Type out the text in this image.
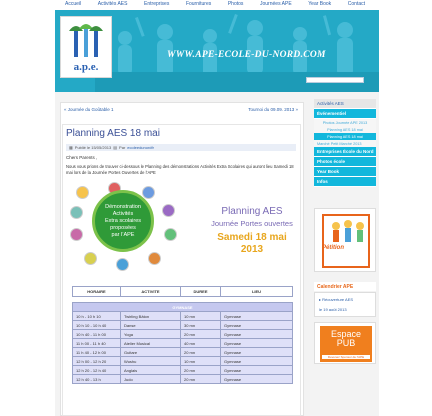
Accueil	Activités AES	Entreprises	Fournitures	Photos	Journées APE	Year Book	Contact
a.p.e.
WWW.APE-ECOLE-DU-NORD.COM
« Journée du Goûtable 1	Tournoi du 09.09. 2013 »
Planning AES 18 mai
▦ Publié le 15/05/2013 ▤ Par ecoleedunordfr
Chers Parents ,
Nous vous prions de trouver ci-dessous le Planning des démonstrations Activités Extra Scolaires qui auront lieu Samedi 18 mai lors de la Journée Portes Ouvertes de l’APE
Démonstration
Activités
Extra scolaires
proposées
par l’APE
Planning AES
Journée Portes ouvertes
Samedi 18 mai 2013
HORAIRE	ACTIVITE	DUREE	LIEU

GYMNASE			
10 h - 10 h 10	Twirling Bâton	10 mn	Gymnase
10 h 10 - 10 h 40	Danse	30 mn	Gymnase
10 h 40 - 11 h 00	Yoga	20 mn	Gymnase
11 h 00 - 11 h 40	Atelier Musical	40 mn	Gymnase
11 h 40 - 12 h 00	Guitare	20 mn	Gymnase
12 h 00 - 12 h 20	Wushu	10 mn	Gymnase
12 h 20 - 12 h 40	Anglais	20 mn	Gymnase
12 h 40 - 13 h	Judo	20 mn	Gymnase
Activités AES
Événementiel
Photos Journée APE 2013
Planning AES 18 mai
Planning AES 18 mai
Marché Petit Marché 2013
Entreprises École du Nord
Photos école
Year Book
Infos
Pétition
Calendrier APE
▸ Réouverture AES
le 19 août 2013
Espace
PUB
Devenez Sponsor de l’APE
